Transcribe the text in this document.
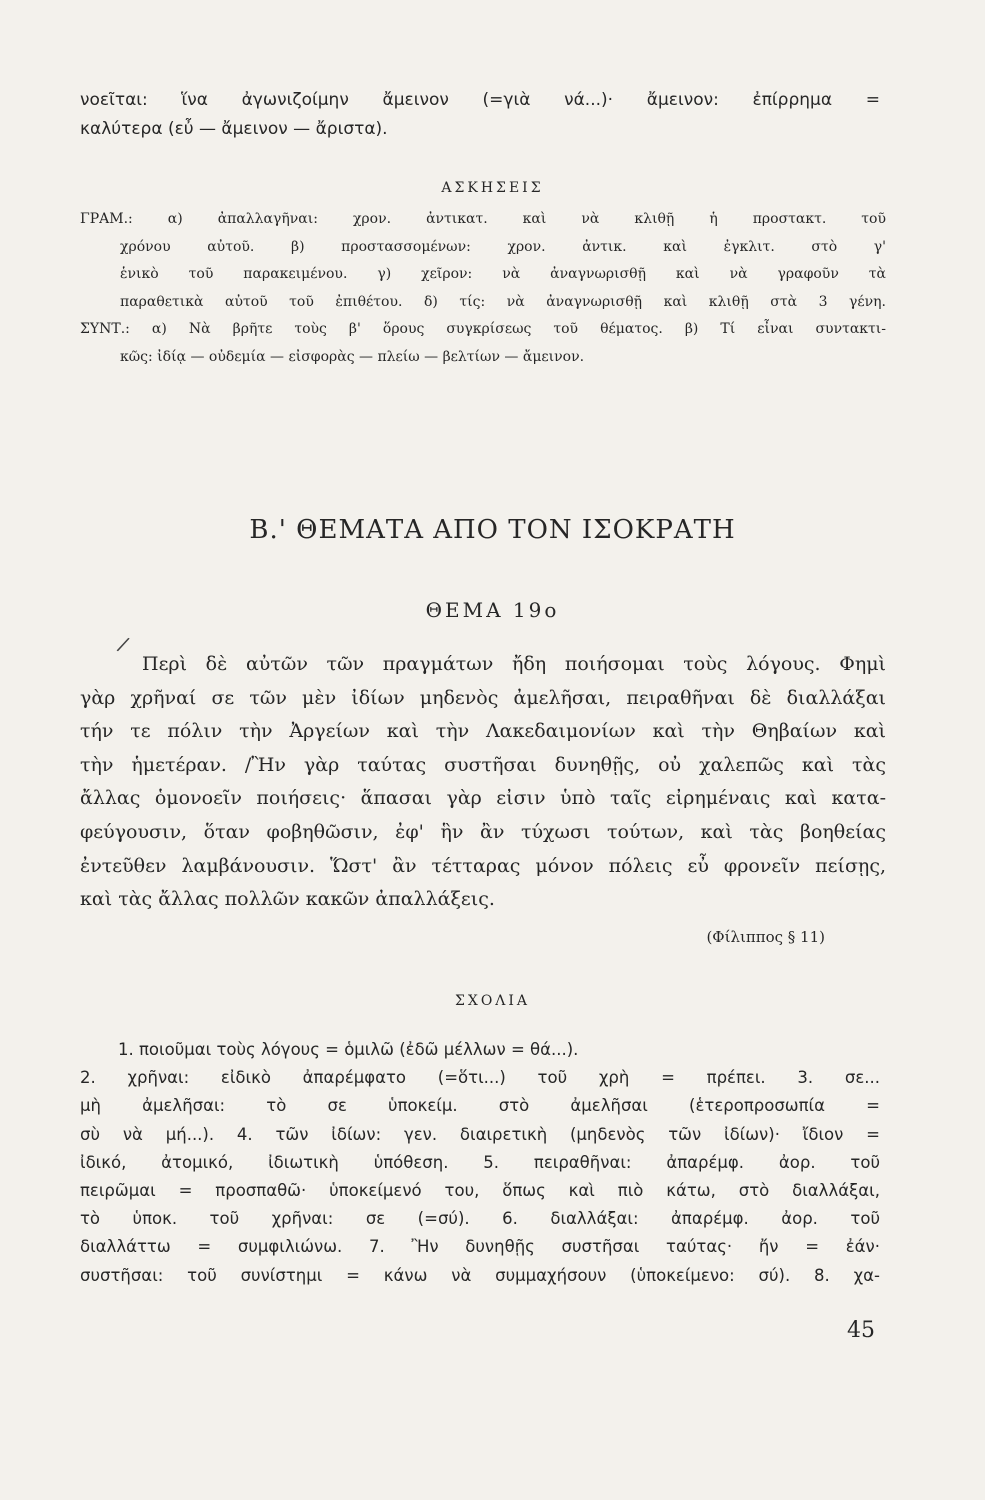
νοεῖται: ἵνα ἀγωνιζοίμην ἄμεινον (=γιὰ νά...)· ἄμεινον: ἐπίρρημα =
καλύτερα (εὖ — ἄμεινον — ἄριστα).
ΑΣΚΗΣΕΙΣ
ΓΡΑΜ.: α) ἀπαλλαγῆναι: χρον. ἀντικατ. καὶ νὰ κλιθῇ ἡ προστακτ. τοῦ
χρόνου αὐτοῦ. β) προστασσομένων: χρον. ἀντικ. καὶ ἐγκλιτ. στὸ γ'
ἑνικὸ τοῦ παρακειμένου. γ) χεῖρον: νὰ ἀναγνωρισθῇ καὶ νὰ γραφοῦν τὰ
παραθετικὰ αὐτοῦ τοῦ ἐπιθέτου. δ) τίς: νὰ ἀναγνωρισθῇ καὶ κλιθῇ στὰ 3 γένη.
ΣΥΝΤ.: α) Νὰ βρῆτε τοὺς β' ὅρους συγκρίσεως τοῦ θέματος. β) Τί εἶναι συντακτι-
κῶς: ἰδίᾳ — οὐδεμία — εἰσφορὰς — πλείω — βελτίων — ἄμεινον.
Β.' ΘΕΜΑΤΑ ΑΠΟ ΤΟΝ ΙΣΟΚΡΑΤΗ
ΘΕΜΑ 19ο
/
Περὶ δὲ αὐτῶν τῶν πραγμάτων ἤδη ποιήσομαι τοὺς λόγους. Φημὶ
γὰρ χρῆναί σε τῶν μὲν ἰδίων μηδενὸς ἀμελῆσαι, πειραθῆναι δὲ διαλλάξαι
τήν τε πόλιν τὴν Ἀργείων καὶ τὴν Λακεδαιμονίων καὶ τὴν Θηβαίων καὶ
τὴν ἡμετέραν. /Ἢν γὰρ ταύτας συστῆσαι δυνηθῇς, οὐ χαλεπῶς καὶ τὰς
ἄλλας ὁμονοεῖν ποιήσεις· ἅπασαι γὰρ εἰσιν ὑπὸ ταῖς εἰρημέναις καὶ κατα-
φεύγουσιν, ὅταν φοβηθῶσιν, ἐφ' ἣν ἂν τύχωσι τούτων, καὶ τὰς βοηθείας
ἐντεῦθεν λαμβάνουσιν. Ὥστ' ἂν τέτταρας μόνον πόλεις εὖ φρονεῖν πείσῃς,
καὶ τὰς ἄλλας πολλῶν κακῶν ἀπαλλάξεις.
(Φίλιππος § 11)
ΣΧΟΛΙΑ
1. ποιοῦμαι τοὺς λόγους = ὁμιλῶ (ἐδῶ μέλλων = θά...).
2. χρῆναι: εἰδικὸ ἀπαρέμφατο (=ὅτι...) τοῦ χρὴ = πρέπει. 3. σε...
μὴ ἀμελῆσαι: τὸ σε ὑποκείμ. στὸ ἀμελῆσαι (ἑτεροπροσωπία =
σὺ νὰ μή...). 4. τῶν ἰδίων: γεν. διαιρετικὴ (μηδενὸς τῶν ἰδίων)· ἴδιον =
ἰδικό, ἀτομικό, ἰδιωτικὴ ὑπόθεση. 5. πειραθῆναι: ἀπαρέμφ. ἀορ. τοῦ
πειρῶμαι = προσπαθῶ· ὑποκείμενό του, ὅπως καὶ πιὸ κάτω, στὸ διαλλάξαι,
τὸ ὑποκ. τοῦ χρῆναι: σε (=σύ). 6. διαλλάξαι: ἀπαρέμφ. ἀορ. τοῦ
διαλλάττω = συμφιλιώνω. 7. Ἢν δυνηθῇς συστῆσαι ταύτας· ἤν = ἐάν·
συστῆσαι: τοῦ συνίστημι = κάνω νὰ συμμαχήσουν (ὑποκείμενο: σύ). 8. χα-
45
